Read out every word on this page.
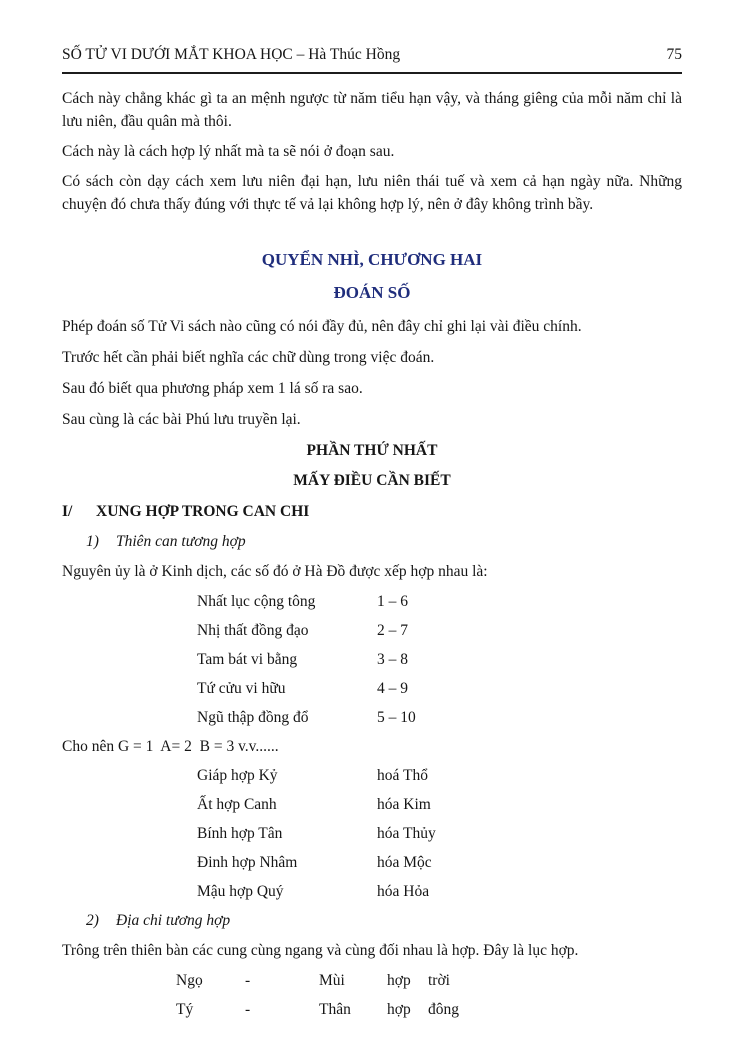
SỐ TỬ VI DƯỚI MẮT KHOA HỌC – Hà Thúc Hồng	75

Cách này chẳng khác gì ta an mệnh ngược từ năm tiểu hạn vậy, và tháng giêng của mỗi năm chỉ là lưu niên, đầu quân mà thôi.

Cách này là cách hợp lý nhất mà ta sẽ nói ở đoạn sau.

Có sách còn dạy cách xem lưu niên đại hạn, lưu niên thái tuế và xem cả hạn ngày nữa. Những chuyện đó chưa thấy đúng với thực tế vả lại không hợp lý, nên ở đây không trình bầy.

QUYỂN NHÌ, CHƯƠNG HAI
ĐOÁN SỐ

Phép đoán số Tử Vi sách nào cũng có nói đầy đủ, nên đây chỉ ghi lại vài điều chính.

Trước hết cần phải biết nghĩa các chữ dùng trong việc đoán.

Sau đó biết qua phương pháp xem 1 lá số ra sao.

Sau cùng là các bài Phú lưu truyền lại.

PHẦN THỨ NHẤT
MẤY ĐIỀU CẦN BIẾT
I/ XUNG HỢP TRONG CAN CHI
1) Thiên can tương hợp

Nguyên ủy là ở Kinh dịch, các số đó ở Hà Đồ được xếp hợp nhau là:

Nhất lục cộng tông	1 – 6
Nhị thất đồng đạo	2 – 7
Tam bát vi bằng	3 – 8
Tứ cửu vi hữu	4 – 9
Ngũ thập đồng đổ	5 – 10

Cho nên G = 1  A= 2  B = 3 v.v......

Giáp hợp Kỷ	hoá Thổ
Ất hợp Canh	hóa Kim
Bính hợp Tân	hóa Thủy
Đinh hợp Nhâm	hóa Mộc
Mậu hợp Quý	hóa Hỏa
2) Địa chi tương hợp

Trông trên thiên bàn các cung cùng ngang và cùng đối nhau là hợp. Đây là lục hợp.

Ngọ	-	Mùi	hợp trời
Tý	-	Thân hợp đông
